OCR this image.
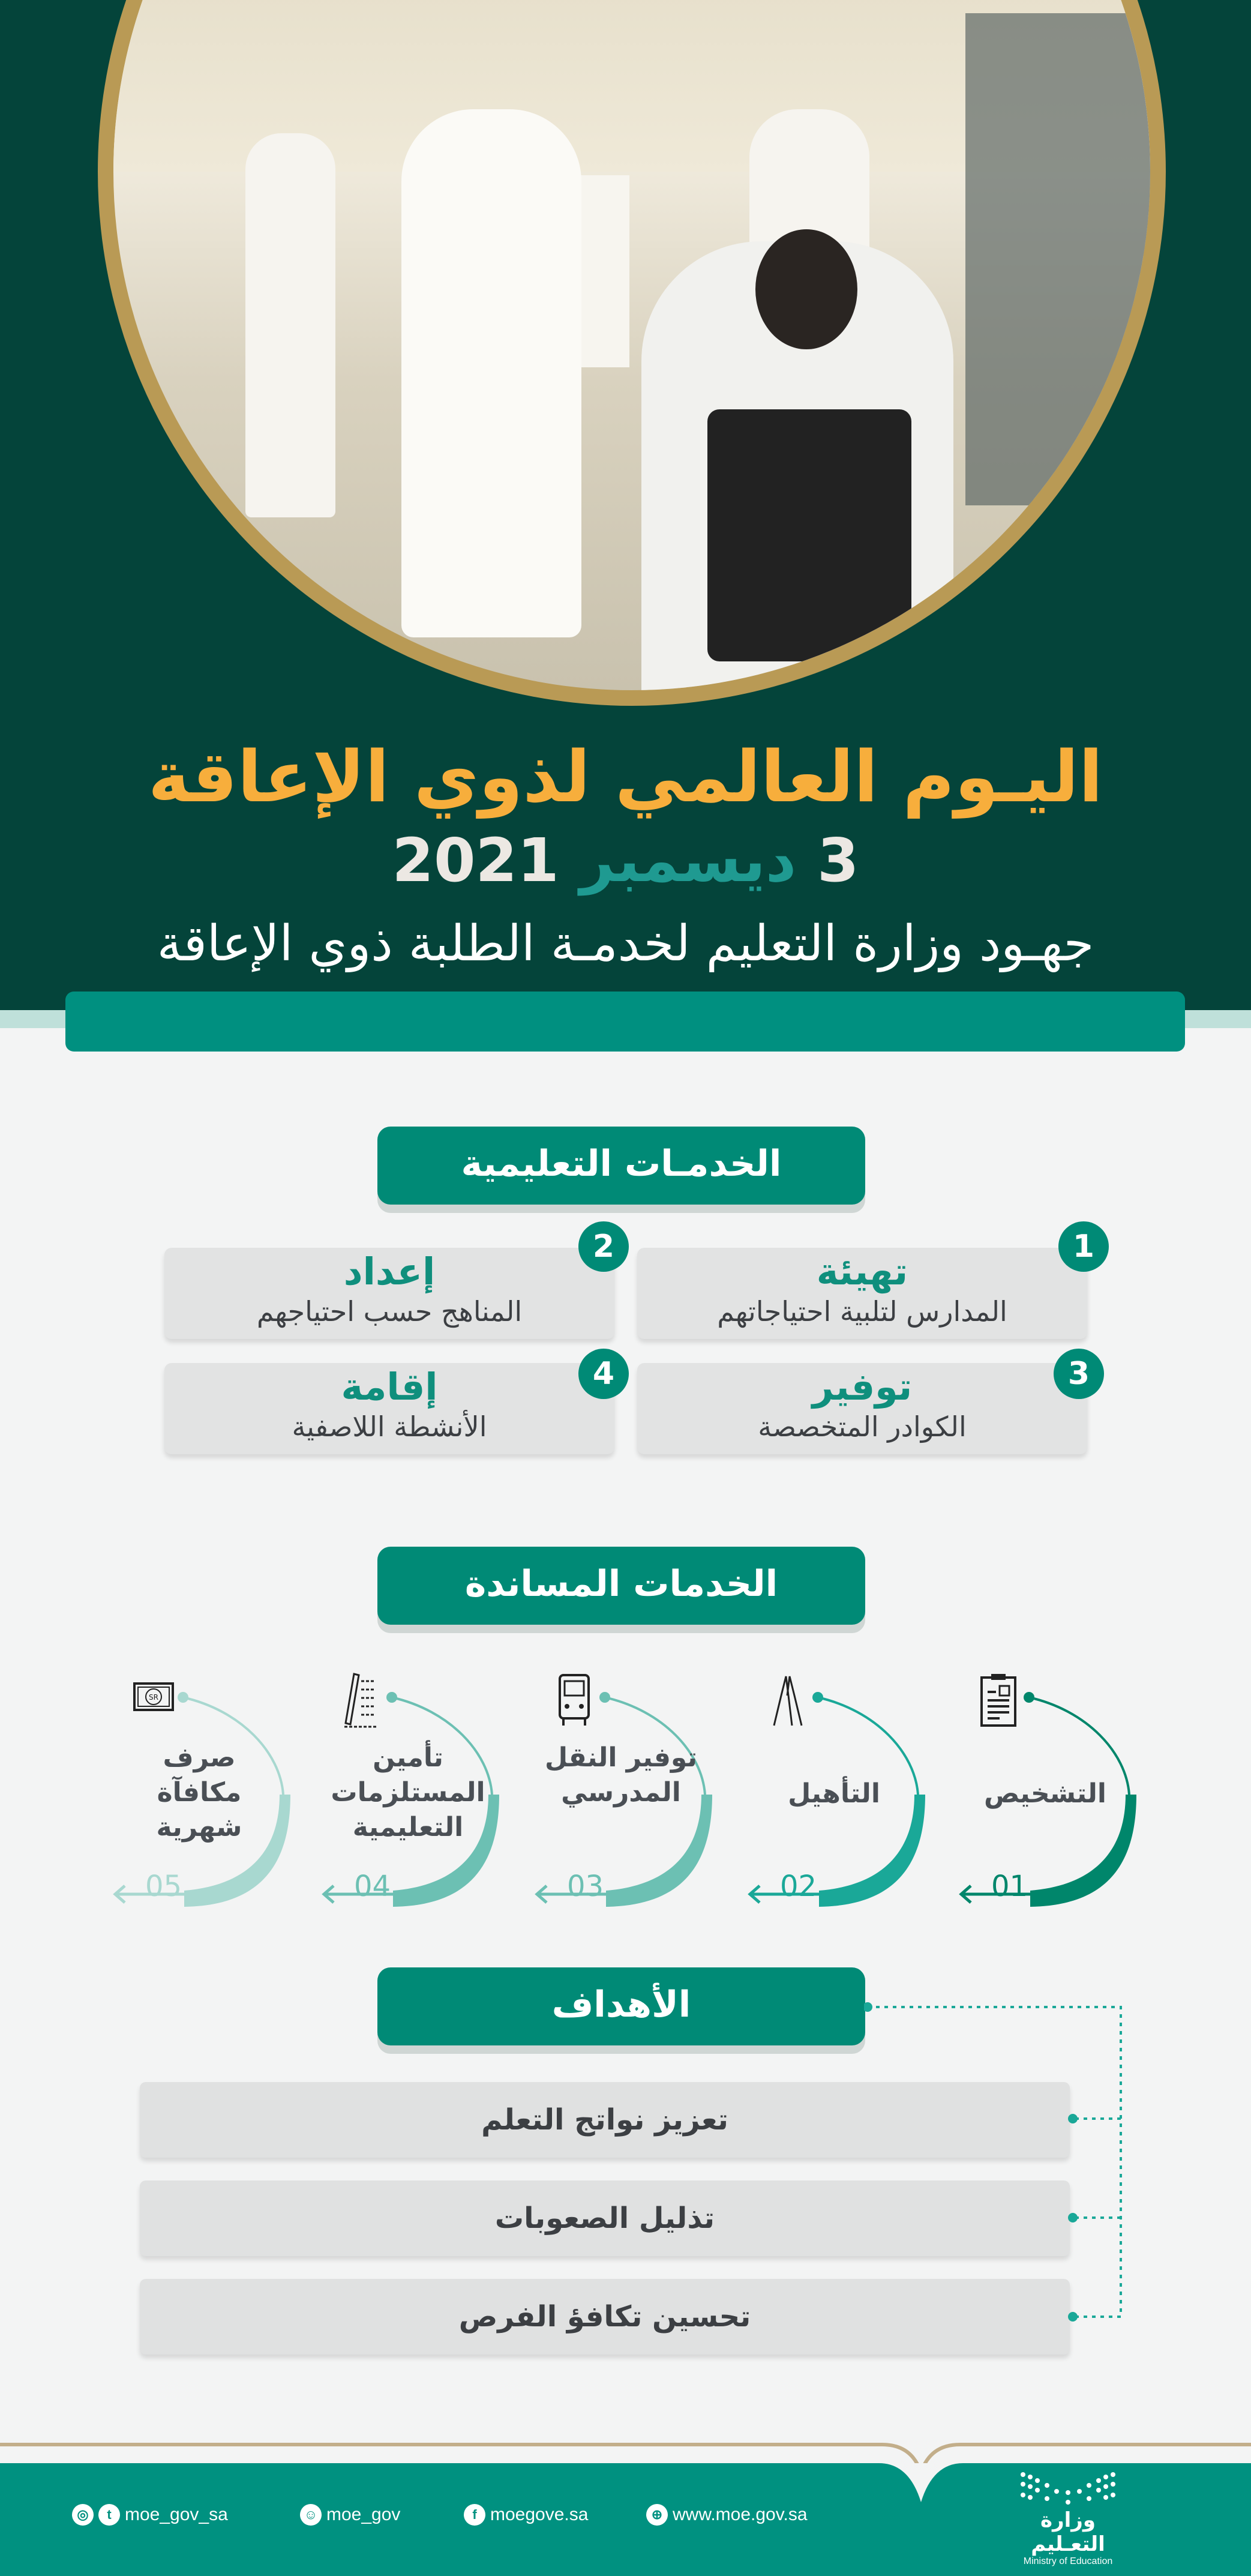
اليـوم العالمي لذوي الإعاقة
3 ديسمبر 2021
جهـود وزارة التعليم لخدمـة الطلبة ذوي الإعاقة
الخدمـات التعليمية
تهيئة
المدارس لتلبية احتياجاتهم
1
إعداد
المناهج حسب احتياجهم
2
توفير
الكوادر المتخصصة
3
إقامة
الأنشطة اللاصفية
4
الخدمات المساندة
التشخيص
01
التأهيل
02
توفير النقل المدرسي
03
تأمين المستلزمات التعليمية
04
SR
صرف مكافآة شهرية
05
الأهداف
تعزيز نواتج التعلم
تذليل الصعوبات
تحسين تكافؤ الفرص
◎	t moe_gov_sa	☺ moe_gov	f moegove.sa	⊕ www.moe.gov.sa	وزارة التعـليم
Ministry of Education
